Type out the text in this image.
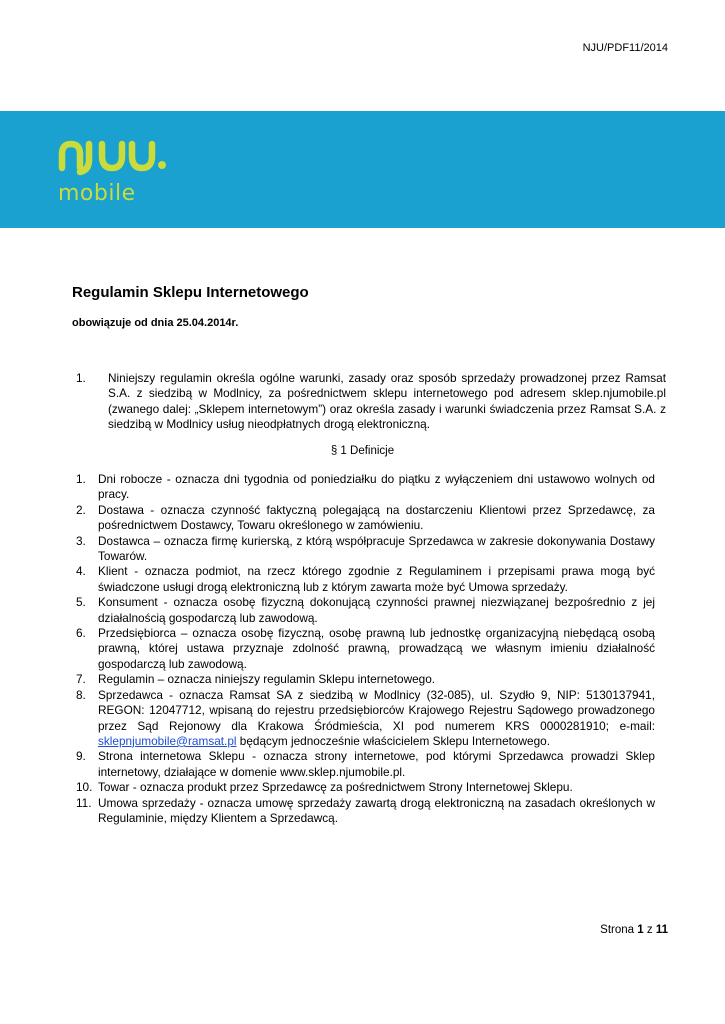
NJU/PDF11/2014
mobile
Regulamin Sklepu Internetowego

obowiązuje od dnia 25.04.2014r.

1. Niniejszy regulamin określa ogólne warunki, zasady oraz sposób sprzedaży prowadzonej przez Ramsat S.A. z siedzibą w Modlnicy, za pośrednictwem sklepu internetowego pod adresem sklep.njumobile.pl (zwanego dalej: „Sklepem internetowym”) oraz określa zasady i warunki świadczenia przez Ramsat S.A. z siedzibą w Modlnicy usług nieodpłatnych drogą elektroniczną.
§ 1 Definicje
1. Dni robocze - oznacza dni tygodnia od poniedziałku do piątku z wyłączeniem dni ustawowo wolnych od pracy.
2. Dostawa - oznacza czynność faktyczną polegającą na dostarczeniu Klientowi przez Sprzedawcę, za pośrednictwem Dostawcy, Towaru określonego w zamówieniu.
3. Dostawca – oznacza firmę kurierską, z którą współpracuje Sprzedawca w zakresie dokonywania Dostawy Towarów.
4. Klient - oznacza podmiot, na rzecz którego zgodnie z Regulaminem i przepisami prawa mogą być świadczone usługi drogą elektroniczną lub z którym zawarta może być Umowa sprzedaży.
5. Konsument - oznacza osobę fizyczną dokonującą czynności prawnej niezwiązanej bezpośrednio z jej działalnością gospodarczą lub zawodową.
6. Przedsiębiorca – oznacza osobę fizyczną, osobę prawną lub jednostkę organizacyjną niebędącą osobą prawną, której ustawa przyznaje zdolność prawną, prowadzącą we własnym imieniu działalność gospodarczą lub zawodową.
7. Regulamin – oznacza niniejszy regulamin Sklepu internetowego.
8. Sprzedawca - oznacza Ramsat SA z siedzibą w Modlnicy (32-085), ul. Szydło 9, NIP: 5130137941, REGON: 12047712, wpisaną do rejestru przedsiębiorców Krajowego Rejestru Sądowego prowadzonego przez Sąd Rejonowy dla Krakowa Śródmieścia, XI pod numerem KRS 0000281910; e-mail: sklepnjumobile@ramsat.pl będącym jednocześnie właścicielem Sklepu Internetowego.
9. Strona internetowa Sklepu - oznacza strony internetowe, pod którymi Sprzedawca prowadzi Sklep internetowy, działające w domenie www.sklep.njumobile.pl.
10. Towar - oznacza produkt przez Sprzedawcę za pośrednictwem Strony Internetowej Sklepu.
11. Umowa sprzedaży - oznacza umowę sprzedaży zawartą drogą elektroniczną na zasadach określonych w Regulaminie, między Klientem a Sprzedawcą.
Strona 1 z 11
